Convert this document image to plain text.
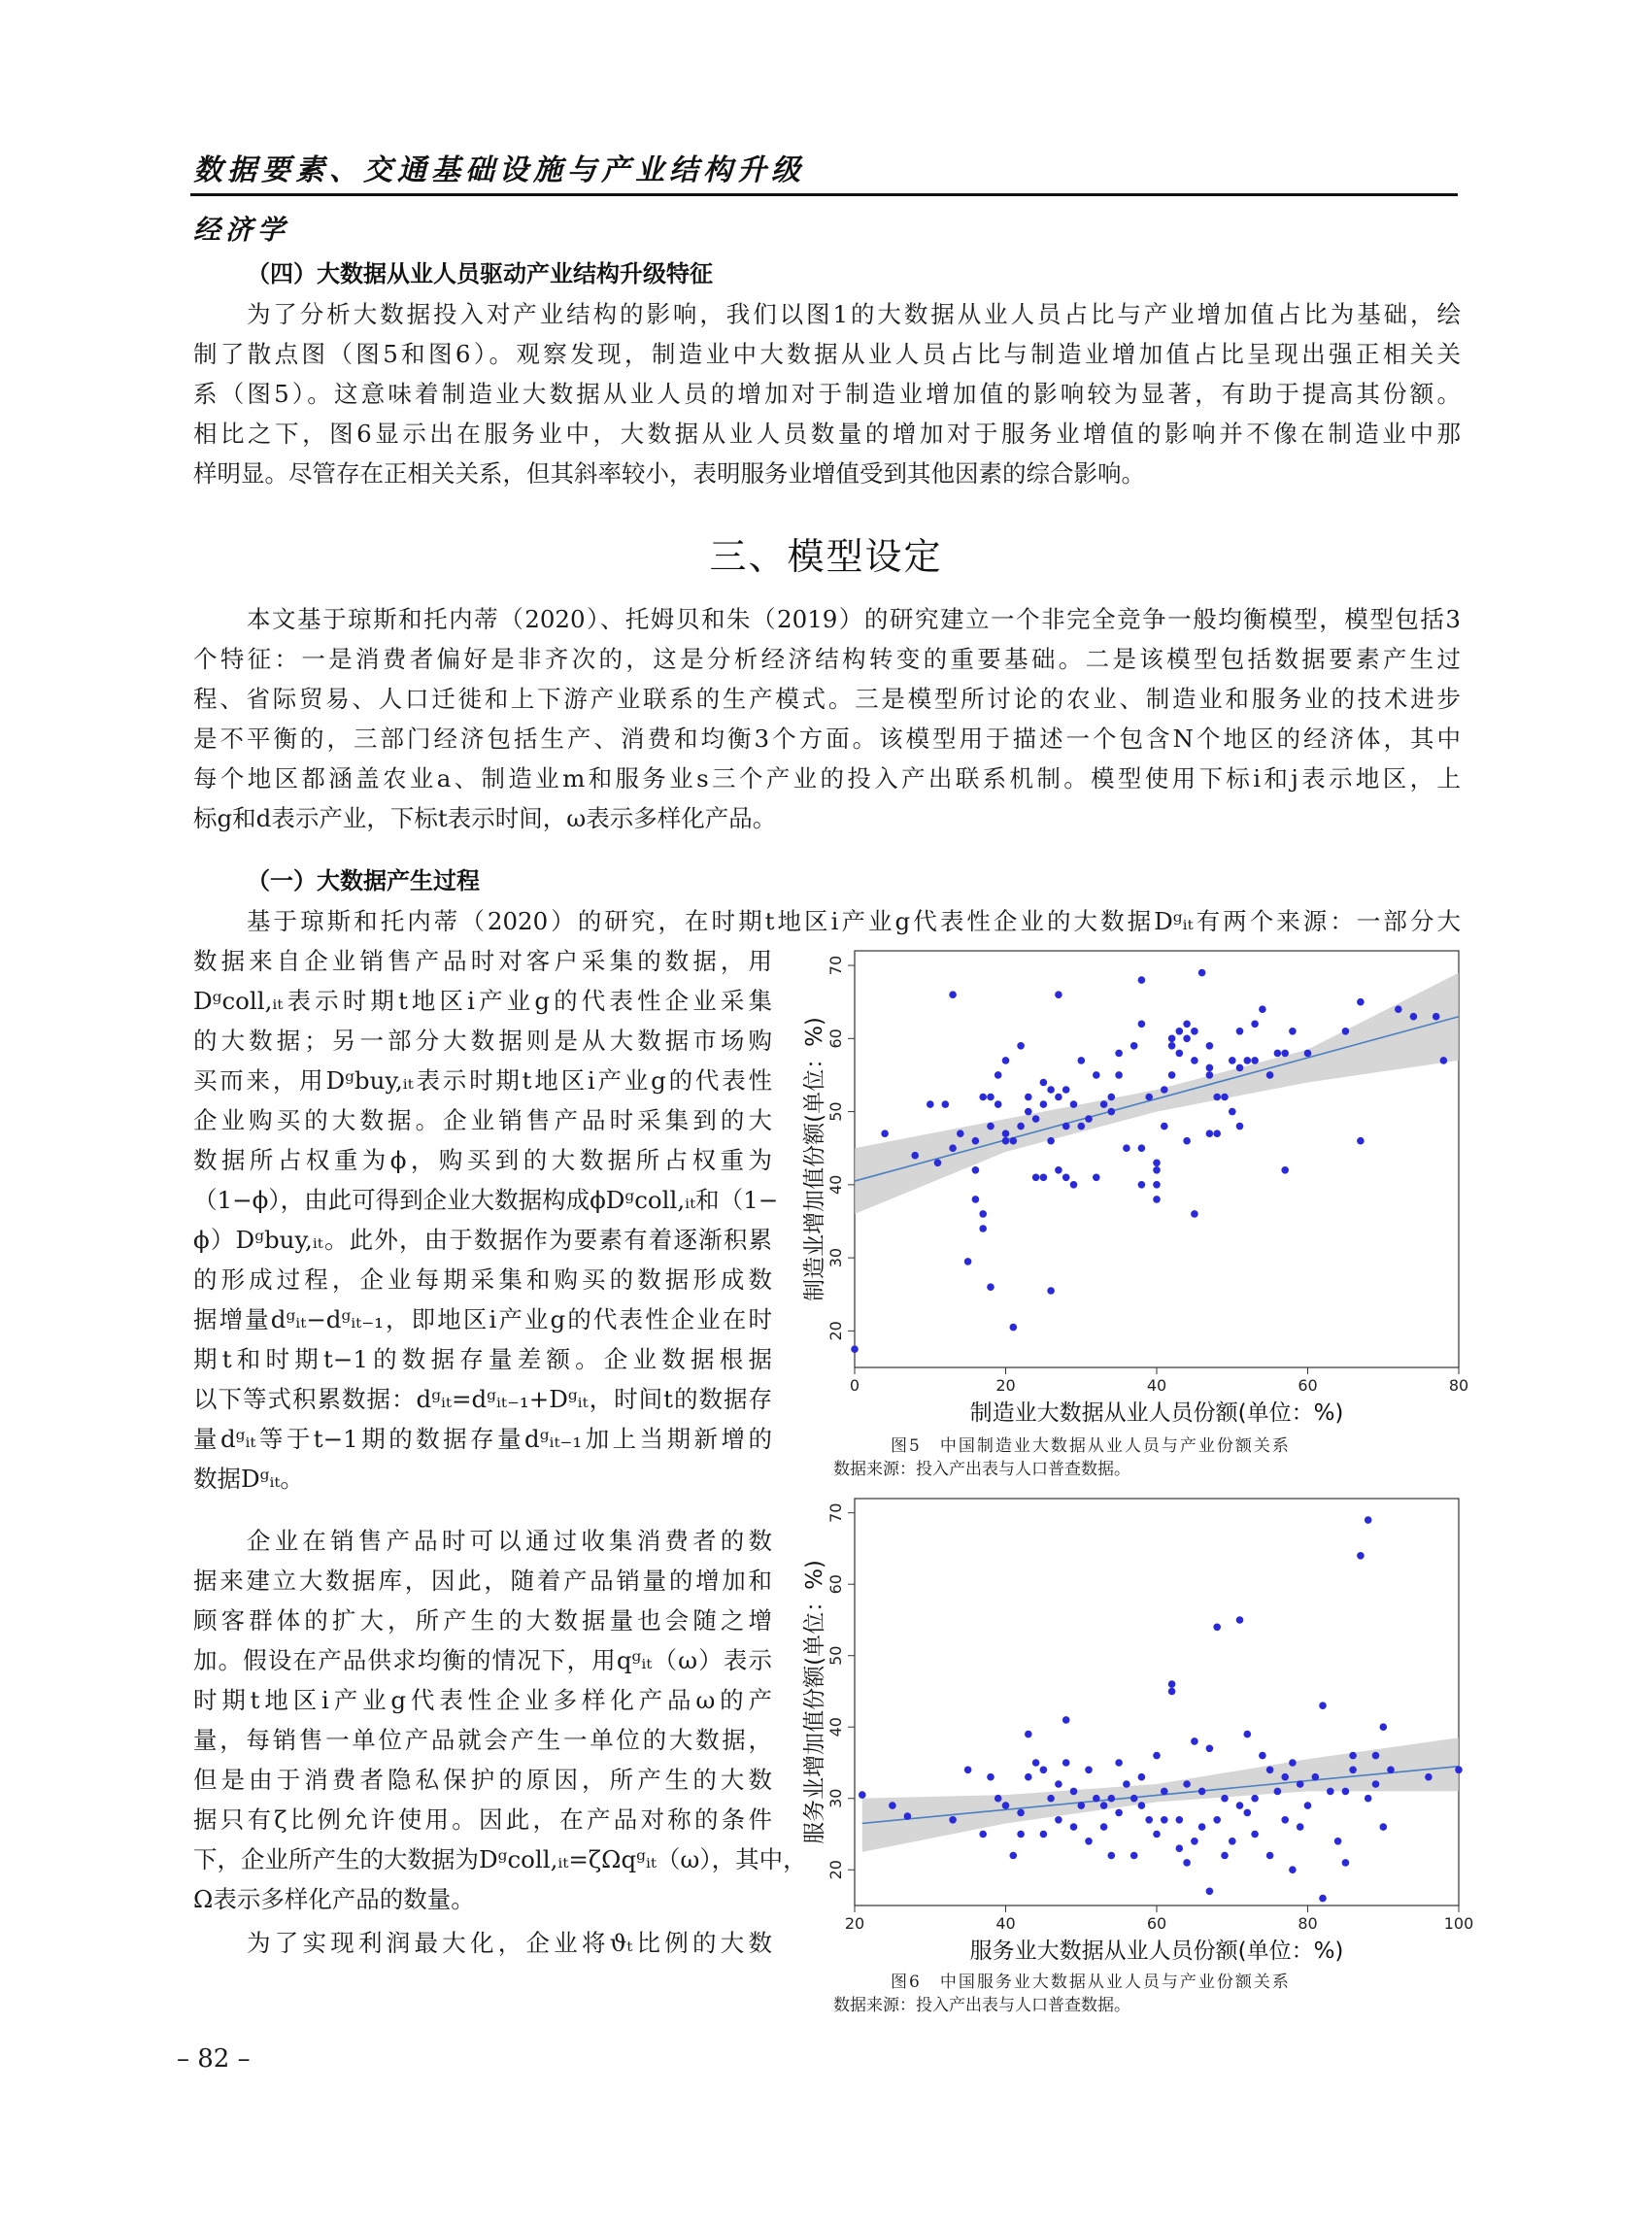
数据要素、交通基础设施与产业结构升级
经济学
（四）大数据从业人员驱动产业结构升级特征
为了分析大数据投入对产业结构的影响，我们以图1的大数据从业人员占比与产业增加值占比为基础，绘
制了散点图（图5和图6）。观察发现，制造业中大数据从业人员占比与制造业增加值占比呈现出强正相关关
系（图5）。这意味着制造业大数据从业人员的增加对于制造业增加值的影响较为显著，有助于提高其份额。
相比之下，图6显示出在服务业中，大数据从业人员数量的增加对于服务业增值的影响并不像在制造业中那
样明显。尽管存在正相关关系，但其斜率较小，表明服务业增值受到其他因素的综合影响。
三、模型设定
本文基于琼斯和托内蒂（2020）、托姆贝和朱（2019）的研究建立一个非完全竞争一般均衡模型，模型包括3
个特征：一是消费者偏好是非齐次的，这是分析经济结构转变的重要基础。二是该模型包括数据要素产生过
程、省际贸易、人口迁徙和上下游产业联系的生产模式。三是模型所讨论的农业、制造业和服务业的技术进步
是不平衡的，三部门经济包括生产、消费和均衡3个方面。该模型用于描述一个包含N个地区的经济体，其中
每个地区都涵盖农业a、制造业m和服务业s三个产业的投入产出联系机制。模型使用下标i和j表示地区，上
标g和d表示产业，下标t表示时间，ω表示多样化产品。
（一）大数据产生过程
基于琼斯和托内蒂（2020）的研究，在时期t地区i产业g代表性企业的大数据Dᵍᵢₜ有两个来源：一部分大
数据来自企业销售产品时对客户采集的数据，用
Dᵍcoll,ᵢₜ表示时期t地区i产业g的代表性企业采集
的大数据；另一部分大数据则是从大数据市场购
买而来，用Dᵍbuy,ᵢₜ表示时期t地区i产业g的代表性
企业购买的大数据。企业销售产品时采集到的大
数据所占权重为ϕ，购买到的大数据所占权重为
（1−ϕ），由此可得到企业大数据构成ϕDᵍcoll,ᵢₜ和（1−
ϕ）Dᵍbuy,ᵢₜ。此外，由于数据作为要素有着逐渐积累
的形成过程，企业每期采集和购买的数据形成数
据增量dᵍᵢₜ−dᵍᵢₜ₋₁，即地区i产业g的代表性企业在时
期t和时期t−1的数据存量差额。企业数据根据
以下等式积累数据：dᵍᵢₜ=dᵍᵢₜ₋₁+Dᵍᵢₜ，时间t的数据存
量dᵍᵢₜ等于t−1期的数据存量dᵍᵢₜ₋₁加上当期新增的
数据Dᵍᵢₜ。
企业在销售产品时可以通过收集消费者的数
据来建立大数据库，因此，随着产品销量的增加和
顾客群体的扩大，所产生的大数据量也会随之增
加。假设在产品供求均衡的情况下，用qᵍᵢₜ（ω）表示
时期t地区i产业g代表性企业多样化产品ω的产
量，每销售一单位产品就会产生一单位的大数据，
但是由于消费者隐私保护的原因，所产生的大数
据只有ζ比例允许使用。因此，在产品对称的条件
下，企业所产生的大数据为Dᵍcoll,ᵢₜ=ζΩqᵍᵢₜ（ω），其中，
Ω表示多样化产品的数量。
为了实现利润最大化，企业将ϑₜ比例的大数
0	20	40	60	80
20
30
40
50
60
70
制造业大数据从业人员份额(单位：%)
制造业增加值份额(单位：%)
图5　中国制造业大数据从业人员与产业份额关系
数据来源：投入产出表与人口普查数据。
20	40	60	80	100
20
30
40
50
60
70
服务业大数据从业人员份额(单位：%)
服务业增加值份额(单位：%)
图6　中国服务业大数据从业人员与产业份额关系
数据来源：投入产出表与人口普查数据。
– 82 –
